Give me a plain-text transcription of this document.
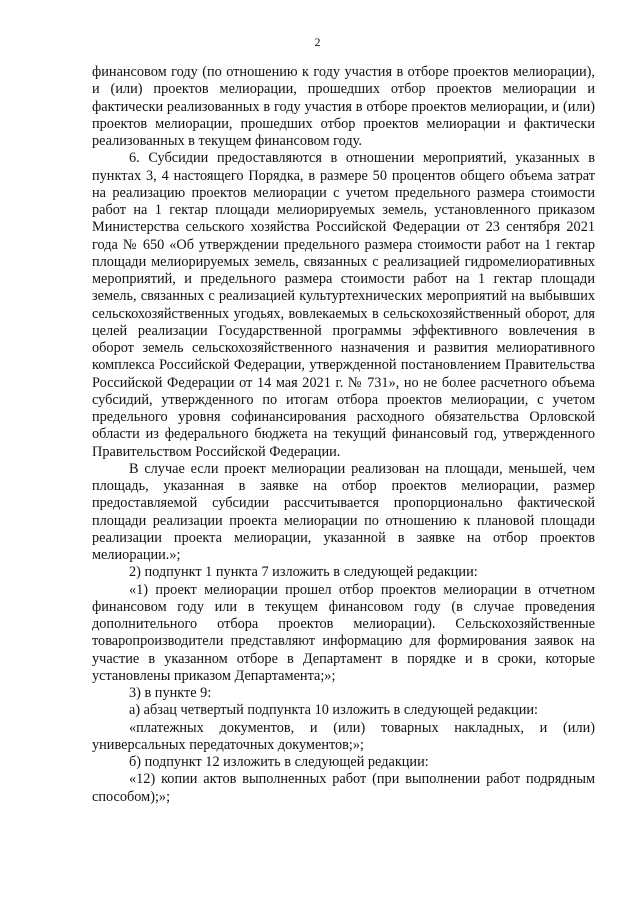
2

финансовом году (по отношению к году участия в отборе проектов мелиорации), и (или) проектов мелиорации, прошедших отбор проектов мелиорации и фактически реализованных в году участия в отборе проектов мелиорации, и (или) проектов мелиорации, прошедших отбор проектов мелиорации и фактически реализованных в текущем финансовом году.

6. Субсидии предоставляются в отношении мероприятий, указанных в пунктах 3, 4 настоящего Порядка, в размере 50 процентов общего объема затрат на реализацию проектов мелиорации с учетом предельного размера стоимости работ на 1 гектар площади мелиорируемых земель, установленного приказом Министерства сельского хозяйства Российской Федерации от 23 сентября 2021 года № 650 «Об утверждении предельного размера стоимости работ на 1 гектар площади мелиорируемых земель, связанных с реализацией гидромелиоративных мероприятий, и предельного размера стоимости работ на 1 гектар площади земель, связанных с реализацией культуртехнических мероприятий на выбывших сельскохозяйственных угодьях, вовлекаемых в сельскохозяйственный оборот, для целей реализации Государственной программы эффективного вовлечения в оборот земель сельскохозяйственного назначения и развития мелиоративного комплекса Российской Федерации, утвержденной постановлением Правительства Российской Федерации от 14 мая 2021 г. № 731», но не более расчетного объема субсидий, утвержденного по итогам отбора проектов мелиорации, с учетом предельного уровня софинансирования расходного обязательства Орловской области из федерального бюджета на текущий финансовый год, утвержденного Правительством Российской Федерации.

В случае если проект мелиорации реализован на площади, меньшей, чем площадь, указанная в заявке на отбор проектов мелиорации, размер предоставляемой субсидии рассчитывается пропорционально фактической площади реализации проекта мелиорации по отношению к плановой площади реализации проекта мелиорации, указанной в заявке на отбор проектов мелиорации.»;

2) подпункт 1 пункта 7 изложить в следующей редакции:

«1) проект мелиорации прошел отбор проектов мелиорации в отчетном финансовом году или в текущем финансовом году (в случае проведения дополнительного отбора проектов мелиорации). Сельскохозяйственные товаропроизводители представляют информацию для формирования заявок на участие в указанном отборе в Департамент в порядке и в сроки, которые установлены приказом Департамента;»;

3) в пункте 9:

а) абзац четвертый подпункта 10 изложить в следующей редакции:

«платежных документов, и (или) товарных накладных, и (или) универсальных передаточных документов;»;

б) подпункт 12 изложить в следующей редакции:

«12) копии актов выполненных работ (при выполнении работ подрядным способом);»;
